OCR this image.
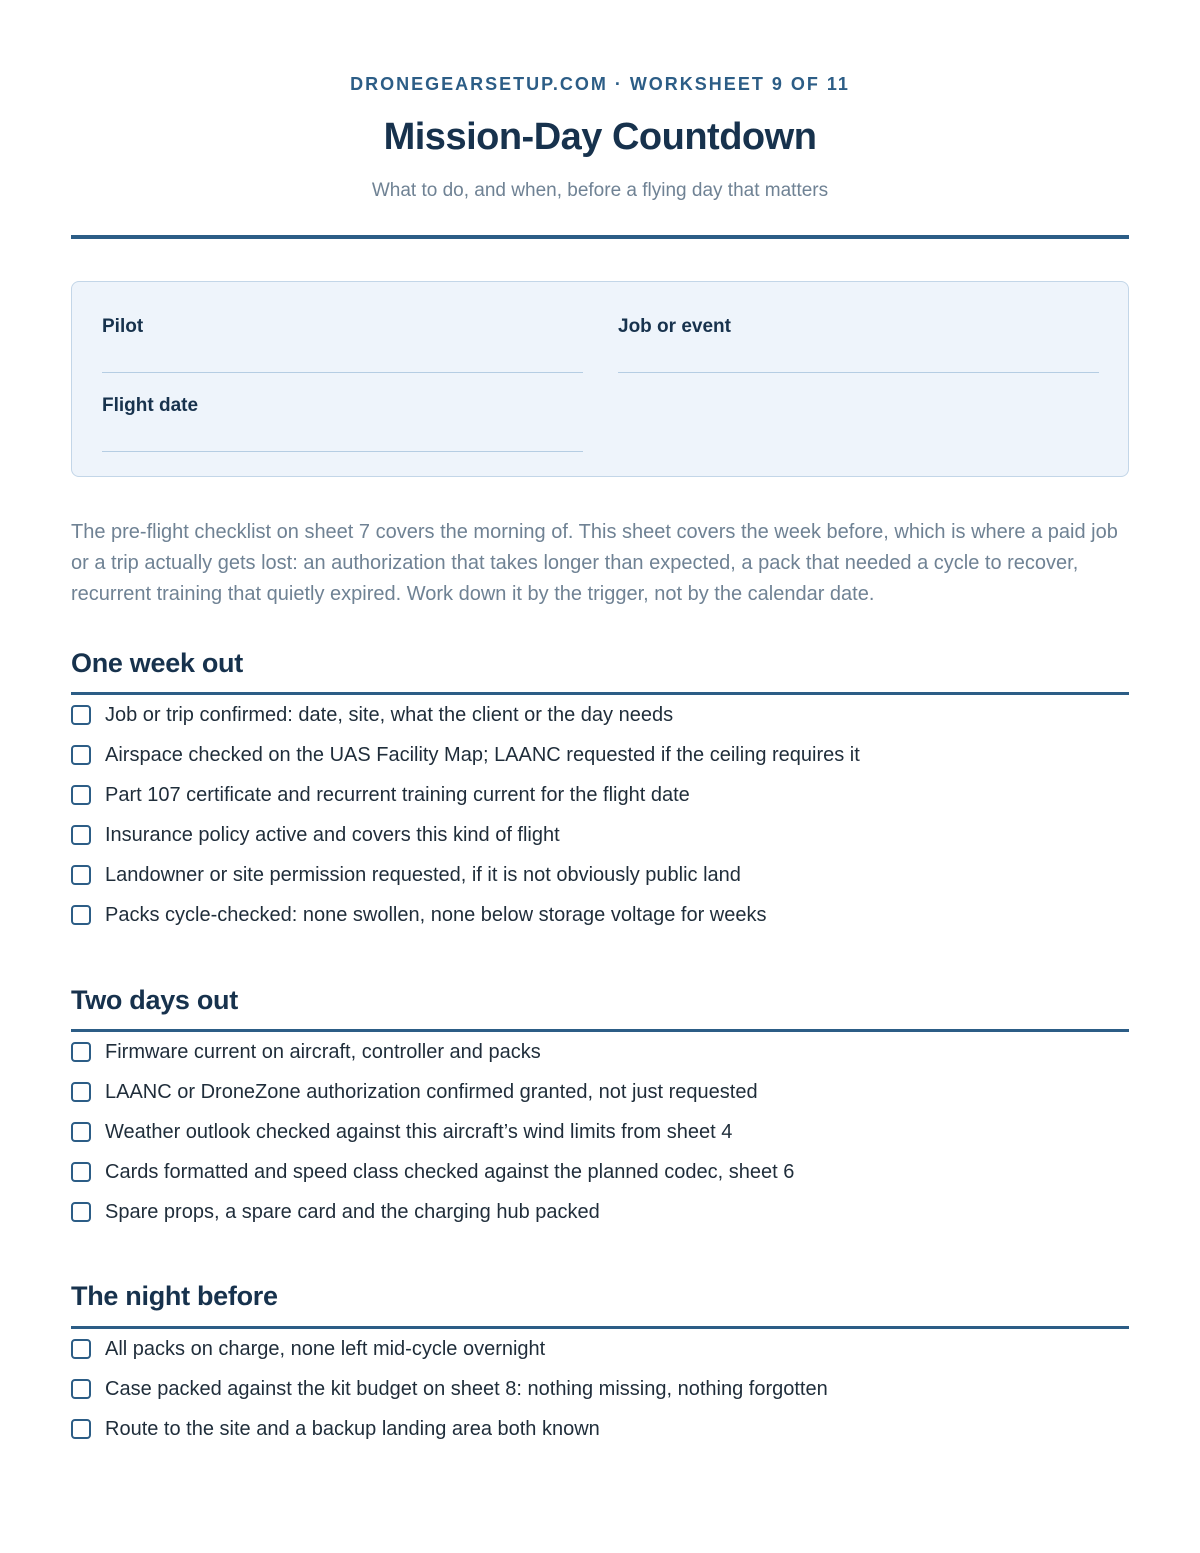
DRONEGEARSETUP.COM · WORKSHEET 9 OF 11
Mission-Day Countdown
What to do, and when, before a flying day that matters
Pilot	Job or event
Flight date
The pre-flight checklist on sheet 7 covers the morning of. This sheet covers the week before, which is where a paid job or a trip actually gets lost: an authorization that takes longer than expected, a pack that needed a cycle to recover, recurrent training that quietly expired. Work down it by the trigger, not by the calendar date.
One week out
Job or trip confirmed: date, site, what the client or the day needs
Airspace checked on the UAS Facility Map; LAANC requested if the ceiling requires it
Part 107 certificate and recurrent training current for the flight date
Insurance policy active and covers this kind of flight
Landowner or site permission requested, if it is not obviously public land
Packs cycle-checked: none swollen, none below storage voltage for weeks
Two days out
Firmware current on aircraft, controller and packs
LAANC or DroneZone authorization confirmed granted, not just requested
Weather outlook checked against this aircraft’s wind limits from sheet 4
Cards formatted and speed class checked against the planned codec, sheet 6
Spare props, a spare card and the charging hub packed
The night before
All packs on charge, none left mid-cycle overnight
Case packed against the kit budget on sheet 8: nothing missing, nothing forgotten
Route to the site and a backup landing area both known
